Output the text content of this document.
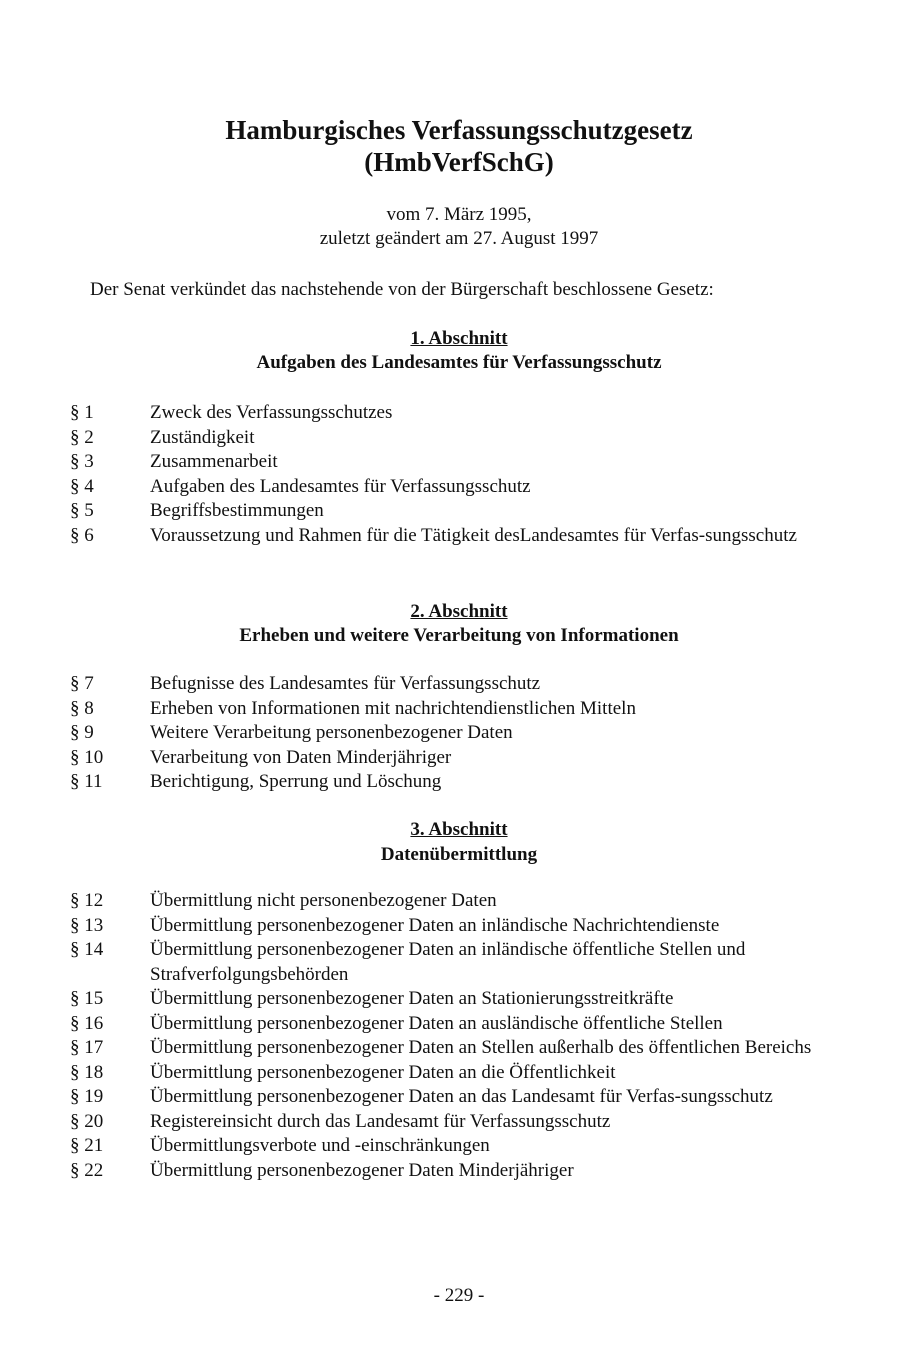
Hamburgisches Verfassungsschutzgesetz
(HmbVerfSchG)
vom 7. März 1995,
zuletzt geändert am 27. August 1997
Der Senat verkündet das nachstehende von der Bürgerschaft beschlossene Gesetz:
1. Abschnitt
Aufgaben des Landesamtes für Verfassungsschutz
§ 1	Zweck des Verfassungsschutzes
§ 2	Zuständigkeit
§ 3	Zusammenarbeit
§ 4	Aufgaben des Landesamtes für Verfassungsschutz
§ 5	Begriffsbestimmungen
§ 6	Voraussetzung und Rahmen für die Tätigkeit desLandesamtes für Verfas-sungsschutz
2. Abschnitt
Erheben und weitere Verarbeitung von Informationen
§ 7	Befugnisse des Landesamtes für Verfassungsschutz
§ 8	Erheben von Informationen mit nachrichtendienstlichen Mitteln
§ 9	Weitere Verarbeitung personenbezogener Daten
§ 10	Verarbeitung von Daten Minderjähriger
§ 11	Berichtigung, Sperrung und Löschung
3. Abschnitt
Datenübermittlung
§ 12	Übermittlung nicht personenbezogener Daten
§ 13	Übermittlung personenbezogener Daten an inländische Nachrichtendienste
§ 14	Übermittlung personenbezogener Daten an inländische öffentliche Stellen und Strafverfolgungsbehörden
§ 15	Übermittlung personenbezogener Daten an Stationierungsstreitkräfte
§ 16	Übermittlung personenbezogener Daten an ausländische öffentliche Stellen
§ 17	Übermittlung personenbezogener Daten an Stellen außerhalb des öffentlichen Bereichs
§ 18	Übermittlung personenbezogener Daten an die Öffentlichkeit
§ 19	Übermittlung personenbezogener Daten an das Landesamt für Verfas-sungsschutz
§ 20	Registereinsicht durch das Landesamt für Verfassungsschutz
§ 21	Übermittlungsverbote und -einschränkungen
§ 22	Übermittlung personenbezogener Daten Minderjähriger
- 229 -
